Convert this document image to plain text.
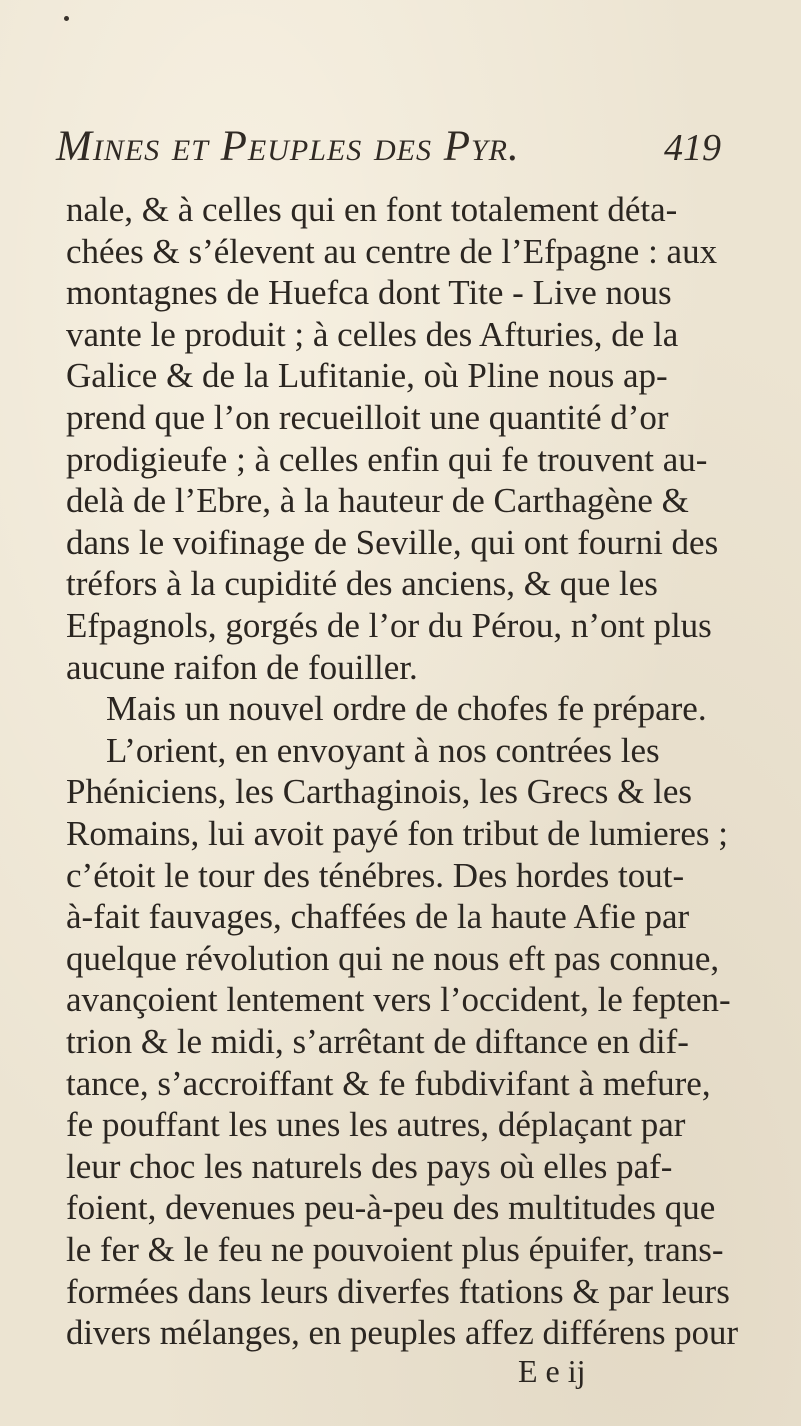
Mines et Peuples des Pyr.	419
nale, & à celles qui en font totalement déta-
chées & s’élevent au centre de l’Efpagne : aux
montagnes de Huefca dont Tite - Live nous
vante le produit ; à celles des Afturies, de la
Galice & de la Lufitanie, où Pline nous ap-
prend que l’on recueilloit une quantité d’or
prodigieufe ; à celles enfin qui fe trouvent au-
delà de l’Ebre, à la hauteur de Carthagène &
dans le voifinage de Seville, qui ont fourni des
tréfors à la cupidité des anciens, & que les
Efpagnols, gorgés de l’or du Pérou, n’ont plus
aucune raifon de fouiller.
Mais un nouvel ordre de chofes fe prépare.
L’orient, en envoyant à nos contrées les
Phéniciens, les Carthaginois, les Grecs & les
Romains, lui avoit payé fon tribut de lumieres ;
c’étoit le tour des ténébres. Des hordes tout-
à-fait fauvages, chaffées de la haute Afie par
quelque révolution qui ne nous eft pas connue,
avançoient lentement vers l’occident, le fepten-
trion & le midi, s’arrêtant de diftance en dif-
tance, s’accroiffant & fe fubdivifant à mefure,
fe pouffant les unes les autres, déplaçant par
leur choc les naturels des pays où elles paf-
foient, devenues peu-à-peu des multitudes que
le fer & le feu ne pouvoient plus épuifer, trans-
formées dans leurs diverfes ftations & par leurs
divers mélanges, en peuples affez différens pour
E e ij
